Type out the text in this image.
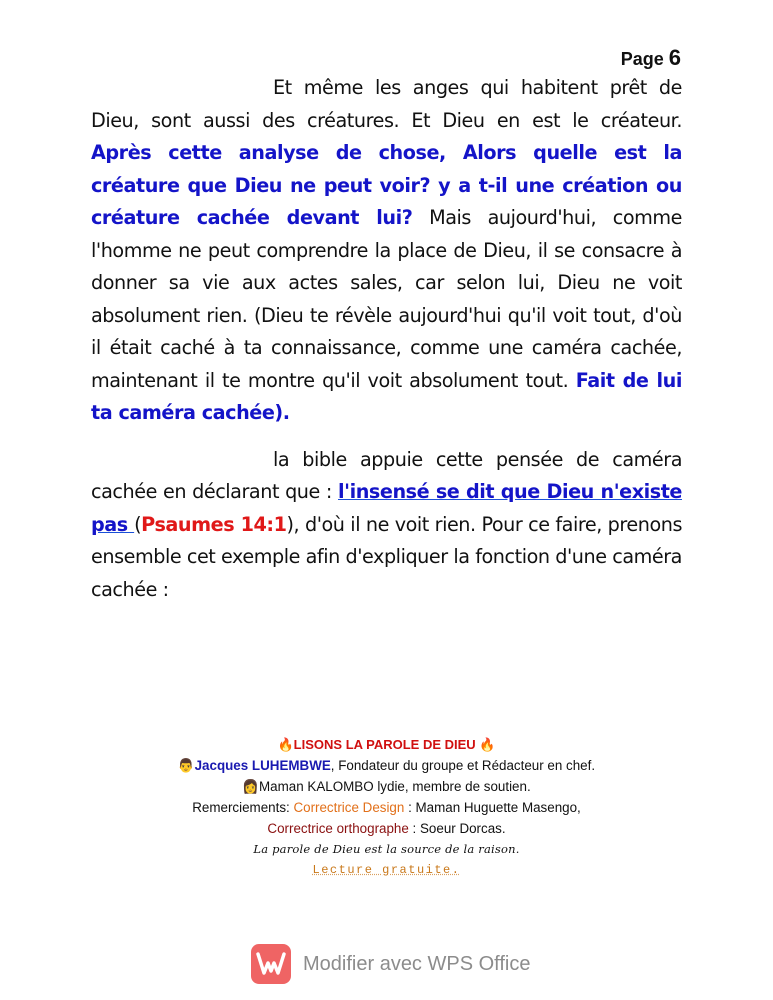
Page 6

Et même les anges qui habitent prêt de Dieu, sont aussi des créatures. Et Dieu en est le créateur. Après cette analyse de chose, Alors quelle est la créature que Dieu ne peut voir? y a t-il une création ou créature cachée devant lui? Mais aujourd'hui, comme l'homme ne peut comprendre la place de Dieu, il se consacre à donner sa vie aux actes sales, car selon lui, Dieu ne voit absolument rien. (Dieu te révèle aujourd'hui qu'il voit tout, d'où il était caché à ta connaissance, comme une caméra cachée, maintenant il te montre qu'il voit absolument tout. Fait de lui ta caméra cachée).

la bible appuie cette pensée de caméra cachée en déclarant que : l'insensé se dit que Dieu n'existe pas (Psaumes 14:1), d'où il ne voit rien. Pour ce faire, prenons ensemble cet exemple afin d'expliquer la fonction d'une caméra cachée :

🔥LISONS LA PAROLE DE DIEU 🔥
👨Jacques LUHEMBWE, Fondateur du groupe et Rédacteur en chef.
👩Maman KALOMBO lydie, membre de soutien.
Remerciements: Correctrice Design : Maman Huguette Masengo,
Correctrice orthographe : Soeur Dorcas.
La parole de Dieu est la source de la raison.
Lecture gratuite.
Modifier avec WPS Office
